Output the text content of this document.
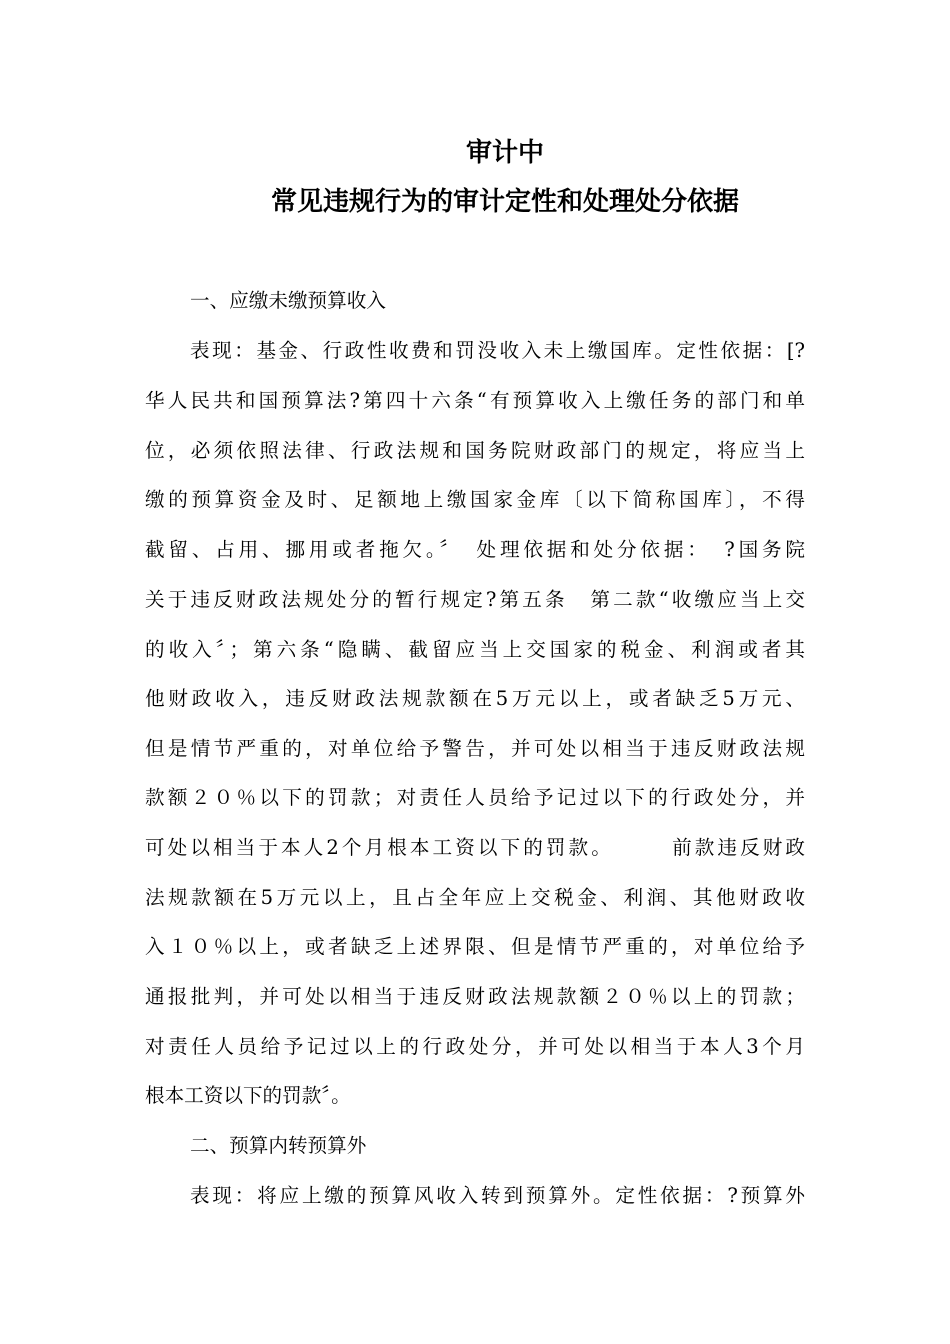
审计中
常见违规行为的审计定性和处理处分依据
一、应缴未缴预算收入
表现：基金、行政性收费和罚没收入未上缴国库。定性依据：[?
华人民共和国预算法?第四十六条“有预算收入上缴任务的部门和单
位，必须依照法律、行政法规和国务院财政部门的规定，将应当上
缴的预算资金及时、足额地上缴国家金库〔以下简称国库〕，不得
截留、占用、挪用或者拖欠。〞　处理依据和处分依据：　?国务院
关于违反财政法规处分的暂行规定?第五条　第二款“收缴应当上交
的收入〞；第六条“隐瞒、截留应当上交国家的税金、利润或者其
他财政收入，违反财政法规款额在5万元以上，或者缺乏5万元、
但是情节严重的，对单位给予警告，并可处以相当于违反财政法规
款额２０％以下的罚款；对责任人员给予记过以下的行政处分，并
可处以相当于本人2个月根本工资以下的罚款。　　　前款违反财政
法规款额在5万元以上，且占全年应上交税金、利润、其他财政收
入１０％以上，或者缺乏上述界限、但是情节严重的，对单位给予
通报批判，并可处以相当于违反财政法规款额２０％以上的罚款；
对责任人员给予记过以上的行政处分，并可处以相当于本人3个月
根本工资以下的罚款〞。
二、预算内转预算外
表现：将应上缴的预算风收入转到预算外。定性依据：?预算外
